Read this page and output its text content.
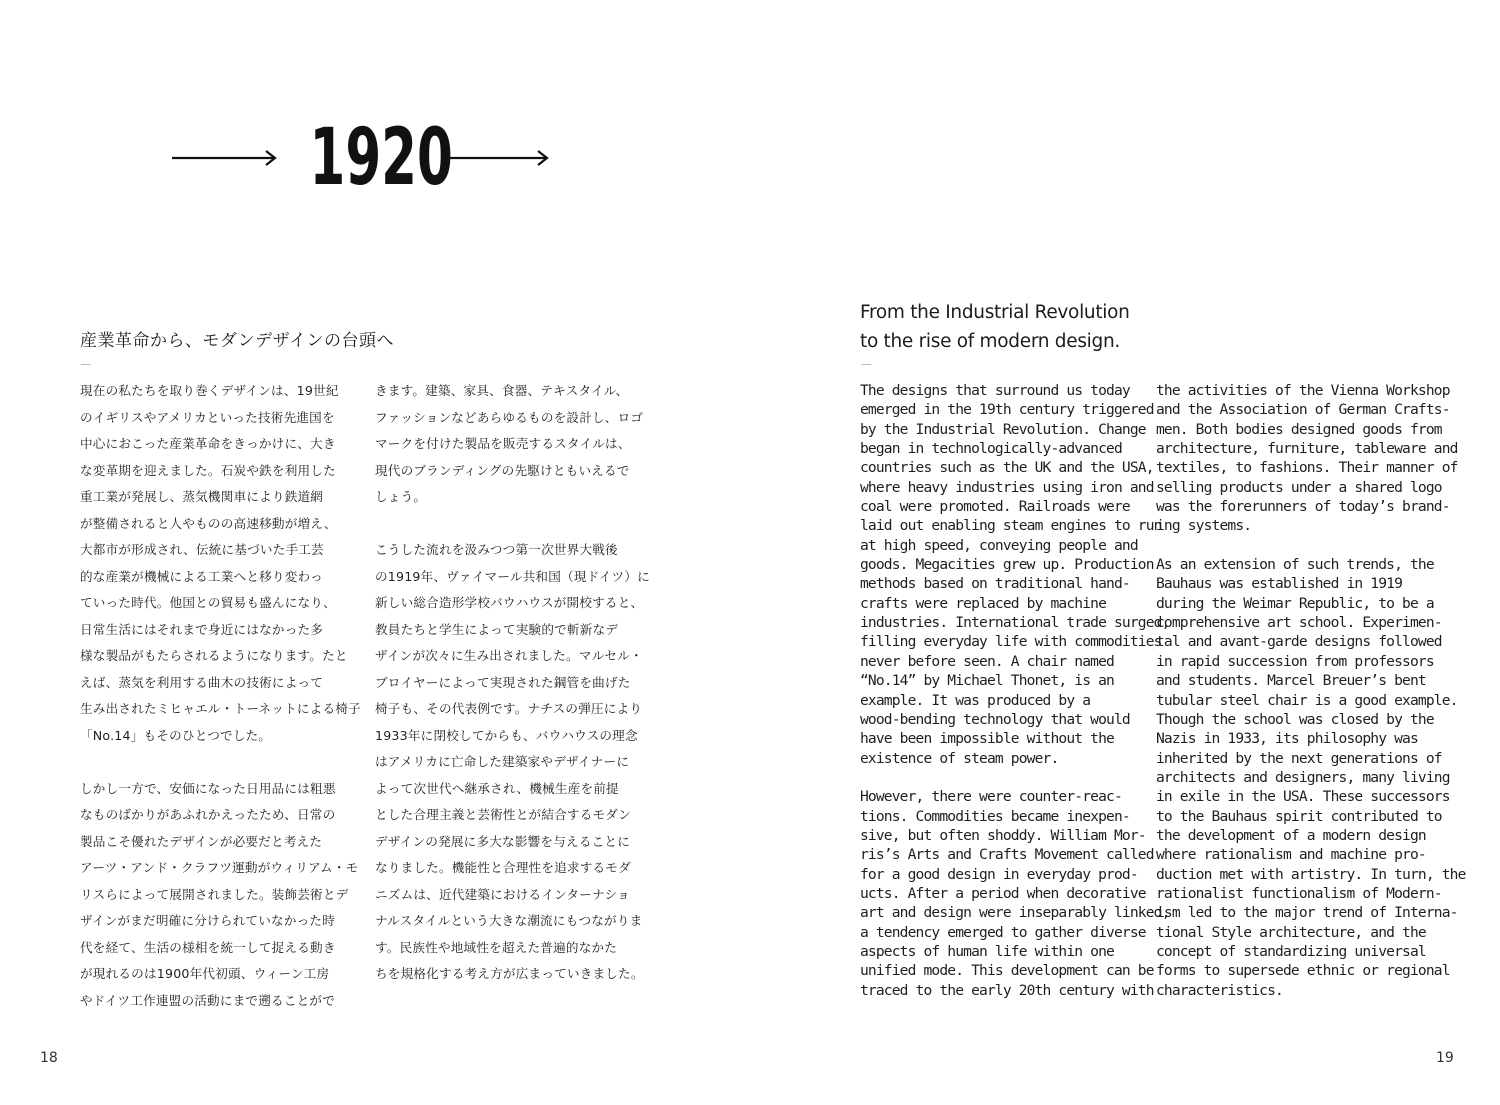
1920
産業革命から、モダンデザインの台頭へ

現在の私たちを取り巻くデザインは、19世紀
のイギリスやアメリカといった技術先進国を
中心におこった産業革命をきっかけに、大き
な変革期を迎えました。石炭や鉄を利用した
重工業が発展し、蒸気機関車により鉄道網
が整備されると人やものの高速移動が増え、
大都市が形成され、伝統に基づいた手工芸
的な産業が機械による工業へと移り変わっ
ていった時代。他国との貿易も盛んになり、
日常生活にはそれまで身近にはなかった多
様な製品がもたらされるようになります。たと
えば、蒸気を利用する曲木の技術によって
生み出されたミヒャエル・トーネットによる椅子
「No.14」もそのひとつでした。

しかし一方で、安価になった日用品には粗悪
なものばかりがあふれかえったため、日常の
製品こそ優れたデザインが必要だと考えた
アーツ・アンド・クラフツ運動がウィリアム・モ
リスらによって展開されました。装飾芸術とデ
ザインがまだ明確に分けられていなかった時
代を経て、生活の様相を統一して捉える動き
が現れるのは1900年代初頭、ウィーン工房
やドイツ工作連盟の活動にまで遡ることがで

きます。建築、家具、食器、テキスタイル、
ファッションなどあらゆるものを設計し、ロゴ
マークを付けた製品を販売するスタイルは、
現代のブランディングの先駆けともいえるで
しょう。

こうした流れを汲みつつ第一次世界大戦後
の1919年、ヴァイマール共和国（現ドイツ）に
新しい総合造形学校バウハウスが開校すると、
教員たちと学生によって実験的で斬新なデ
ザインが次々に生み出されました。マルセル・
ブロイヤーによって実現された鋼管を曲げた
椅子も、その代表例です。ナチスの弾圧により
1933年に閉校してからも、バウハウスの理念
はアメリカに亡命した建築家やデザイナーに
よって次世代へ継承され、機械生産を前提
とした合理主義と芸術性とが結合するモダン
デザインの発展に多大な影響を与えることに
なりました。機能性と合理性を追求するモダ
ニズムは、近代建築におけるインターナショ
ナルスタイルという大きな潮流にもつながりま
す。民族性や地域性を超えた普遍的なかた
ちを規格化する考え方が広まっていきました。

18
From the Industrial Revolution
to the rise of modern design.

The designs that surround us today
emerged in the 19th century triggered
by the Industrial Revolution. Change
began in technologically-advanced
countries such as the UK and the USA,
where heavy industries using iron and
coal were promoted. Railroads were
laid out enabling steam engines to run
at high speed, conveying people and
goods. Megacities grew up. Production
methods based on traditional hand-
crafts were replaced by machine
industries. International trade surged,
filling everyday life with commodities
never before seen. A chair named
“No.14” by Michael Thonet, is an
example. It was produced by a
wood-bending technology that would
have been impossible without the
existence of steam power.

However, there were counter-reac-
tions. Commodities became inexpen-
sive, but often shoddy. William Mor-
ris’s Arts and Crafts Movement called
for a good design in everyday prod-
ucts. After a period when decorative
art and design were inseparably linked,
a tendency emerged to gather diverse
aspects of human life within one
unified mode. This development can be
traced to the early 20th century with

the activities of the Vienna Workshop
and the Association of German Crafts-
men. Both bodies designed goods from
architecture, furniture, tableware and
textiles, to fashions. Their manner of
selling products under a shared logo
was the forerunners of today’s brand-
ing systems.

As an extension of such trends, the
Bauhaus was established in 1919
during the Weimar Republic, to be a
comprehensive art school. Experimen-
tal and avant-garde designs followed
in rapid succession from professors
and students. Marcel Breuer’s bent
tubular steel chair is a good example.
Though the school was closed by the
Nazis in 1933, its philosophy was
inherited by the next generations of
architects and designers, many living
in exile in the USA. These successors
to the Bauhaus spirit contributed to
the development of a modern design
where rationalism and machine pro-
duction met with artistry. In turn, the
rationalist functionalism of Modern-
ism led to the major trend of Interna-
tional Style architecture, and the
concept of standardizing universal
forms to supersede ethnic or regional
characteristics.

19
